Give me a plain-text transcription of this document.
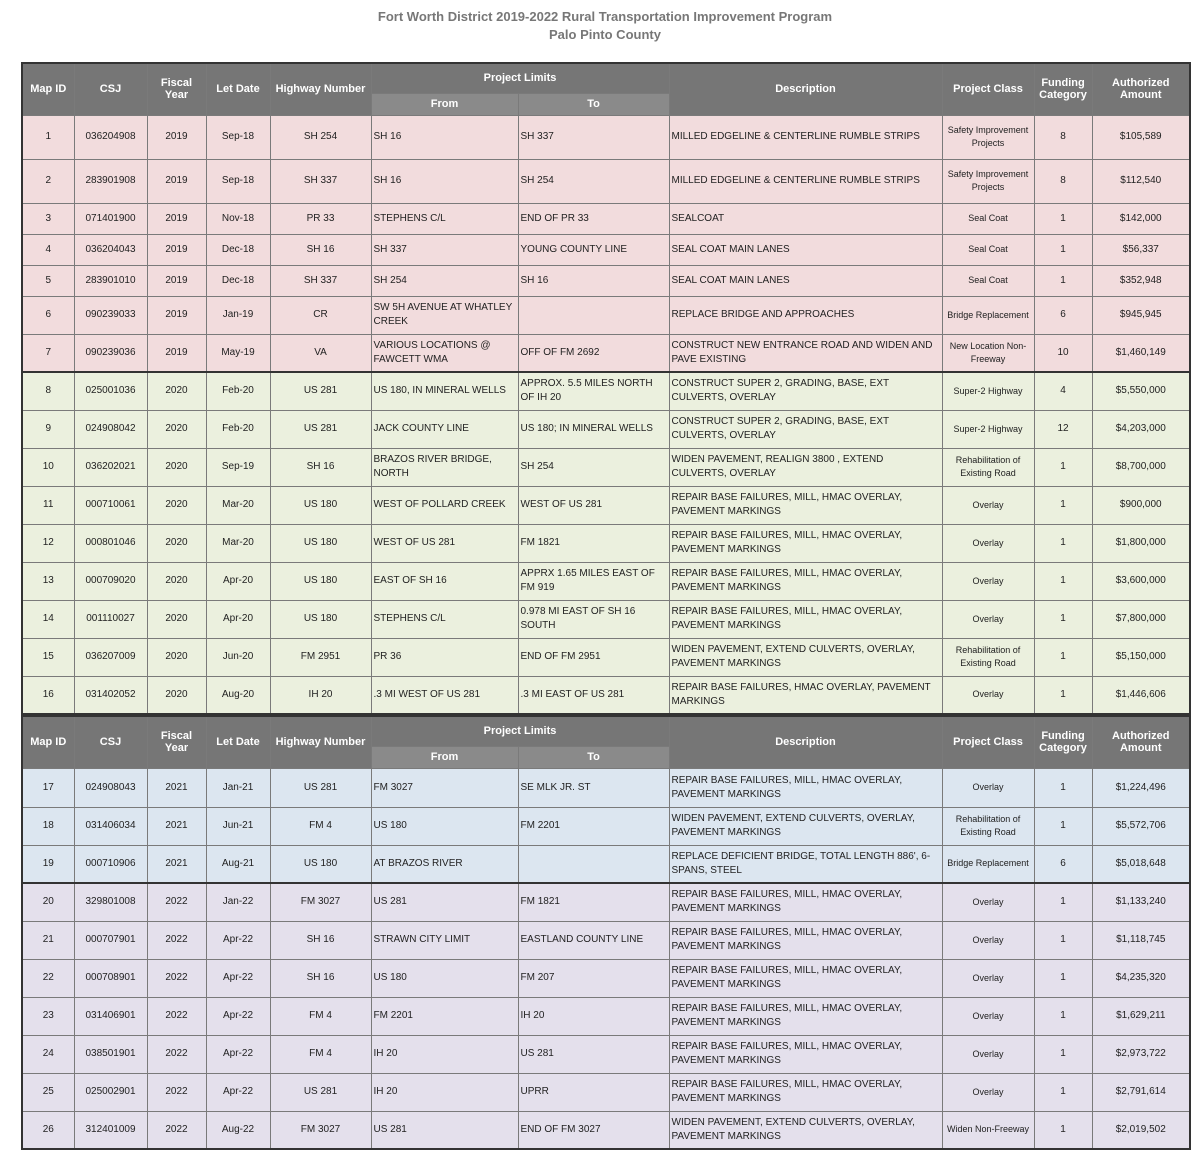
Fort Worth District 2019-2022 Rural Transportation Improvement Program
Palo Pinto County
Map ID	CSJ	Fiscal Year	Let Date	Highway Number	Project Limits		Description	Project Class	Funding Category	Authorized Amount
					From	To				
1	036204908	2019	Sep-18	SH 254	SH 16	SH 337	MILLED EDGELINE & CENTERLINE RUMBLE STRIPS	Safety Improvement Projects	8	$105,589
2	283901908	2019	Sep-18	SH 337	SH 16	SH 254	MILLED EDGELINE & CENTERLINE RUMBLE STRIPS	Safety Improvement Projects	8	$112,540
3	071401900	2019	Nov-18	PR 33	STEPHENS C/L	END OF PR 33	SEALCOAT	Seal Coat	1	$142,000
4	036204043	2019	Dec-18	SH 16	SH 337	YOUNG COUNTY LINE	SEAL COAT MAIN LANES	Seal Coat	1	$56,337
5	283901010	2019	Dec-18	SH 337	SH 254	SH 16	SEAL COAT MAIN LANES	Seal Coat	1	$352,948
6	090239033	2019	Jan-19	CR	SW 5H AVENUE AT WHATLEY CREEK		REPLACE BRIDGE AND APPROACHES	Bridge Replacement	6	$945,945
7	090239036	2019	May-19	VA	VARIOUS LOCATIONS @ FAWCETT WMA	OFF OF FM 2692	CONSTRUCT NEW ENTRANCE ROAD AND WIDEN AND PAVE EXISTING	New Location Non-Freeway	10	$1,460,149
8	025001036	2020	Feb-20	US 281	US 180, IN MINERAL WELLS	APPROX. 5.5 MILES NORTH OF IH 20	CONSTRUCT SUPER 2, GRADING, BASE, EXT CULVERTS, OVERLAY	Super-2 Highway	4	$5,550,000
9	024908042	2020	Feb-20	US 281	JACK COUNTY LINE	US 180; IN MINERAL WELLS	CONSTRUCT SUPER 2, GRADING, BASE, EXT CULVERTS, OVERLAY	Super-2 Highway	12	$4,203,000
10	036202021	2020	Sep-19	SH 16	BRAZOS RIVER BRIDGE, NORTH	SH 254	WIDEN PAVEMENT, REALIGN 3800 , EXTEND CULVERTS, OVERLAY	Rehabilitation of Existing Road	1	$8,700,000
11	000710061	2020	Mar-20	US 180	WEST OF POLLARD CREEK	WEST OF US 281	REPAIR BASE FAILURES, MILL, HMAC OVERLAY, PAVEMENT MARKINGS	Overlay	1	$900,000
12	000801046	2020	Mar-20	US 180	WEST OF US 281	FM 1821	REPAIR BASE FAILURES, MILL, HMAC OVERLAY, PAVEMENT MARKINGS	Overlay	1	$1,800,000
13	000709020	2020	Apr-20	US 180	EAST OF SH 16	APPRX 1.65 MILES EAST OF FM 919	REPAIR BASE FAILURES, MILL, HMAC OVERLAY, PAVEMENT MARKINGS	Overlay	1	$3,600,000
14	001110027	2020	Apr-20	US 180	STEPHENS C/L	0.978 MI EAST OF SH 16 SOUTH	REPAIR BASE FAILURES, MILL, HMAC OVERLAY, PAVEMENT MARKINGS	Overlay	1	$7,800,000
15	036207009	2020	Jun-20	FM 2951	PR 36	END OF FM 2951	WIDEN PAVEMENT, EXTEND CULVERTS, OVERLAY, PAVEMENT MARKINGS	Rehabilitation of Existing Road	1	$5,150,000
16	031402052	2020	Aug-20	IH 20	.3 MI WEST OF US 281	.3 MI EAST OF US 281	REPAIR BASE FAILURES, HMAC OVERLAY, PAVEMENT MARKINGS	Overlay	1	$1,446,606
Map ID	CSJ	Fiscal Year	Let Date	Highway Number	Project Limits		Description	Project Class	Funding Category	Authorized Amount
					From	To				
17	024908043	2021	Jan-21	US 281	FM 3027	SE MLK JR. ST	REPAIR BASE FAILURES, MILL, HMAC OVERLAY, PAVEMENT MARKINGS	Overlay	1	$1,224,496
18	031406034	2021	Jun-21	FM 4	US 180	FM 2201	WIDEN PAVEMENT, EXTEND CULVERTS, OVERLAY, PAVEMENT MARKINGS	Rehabilitation of Existing Road	1	$5,572,706
19	000710906	2021	Aug-21	US 180	AT BRAZOS RIVER		REPLACE DEFICIENT BRIDGE, TOTAL LENGTH 886', 6-SPANS, STEEL	Bridge Replacement	6	$5,018,648
20	329801008	2022	Jan-22	FM 3027	US 281	FM 1821	REPAIR BASE FAILURES, MILL, HMAC OVERLAY, PAVEMENT MARKINGS	Overlay	1	$1,133,240
21	000707901	2022	Apr-22	SH 16	STRAWN CITY LIMIT	EASTLAND COUNTY LINE	REPAIR BASE FAILURES, MILL, HMAC OVERLAY, PAVEMENT MARKINGS	Overlay	1	$1,118,745
22	000708901	2022	Apr-22	SH 16	US 180	FM 207	REPAIR BASE FAILURES, MILL, HMAC OVERLAY, PAVEMENT MARKINGS	Overlay	1	$4,235,320
23	031406901	2022	Apr-22	FM 4	FM 2201	IH 20	REPAIR BASE FAILURES, MILL, HMAC OVERLAY, PAVEMENT MARKINGS	Overlay	1	$1,629,211
24	038501901	2022	Apr-22	FM 4	IH 20	US 281	REPAIR BASE FAILURES, MILL, HMAC OVERLAY, PAVEMENT MARKINGS	Overlay	1	$2,973,722
25	025002901	2022	Apr-22	US 281	IH 20	UPRR	REPAIR BASE FAILURES, MILL, HMAC OVERLAY, PAVEMENT MARKINGS	Overlay	1	$2,791,614
26	312401009	2022	Aug-22	FM 3027	US 281	END OF FM 3027	WIDEN PAVEMENT, EXTEND CULVERTS, OVERLAY, PAVEMENT MARKINGS	Widen Non-Freeway	1	$2,019,502
